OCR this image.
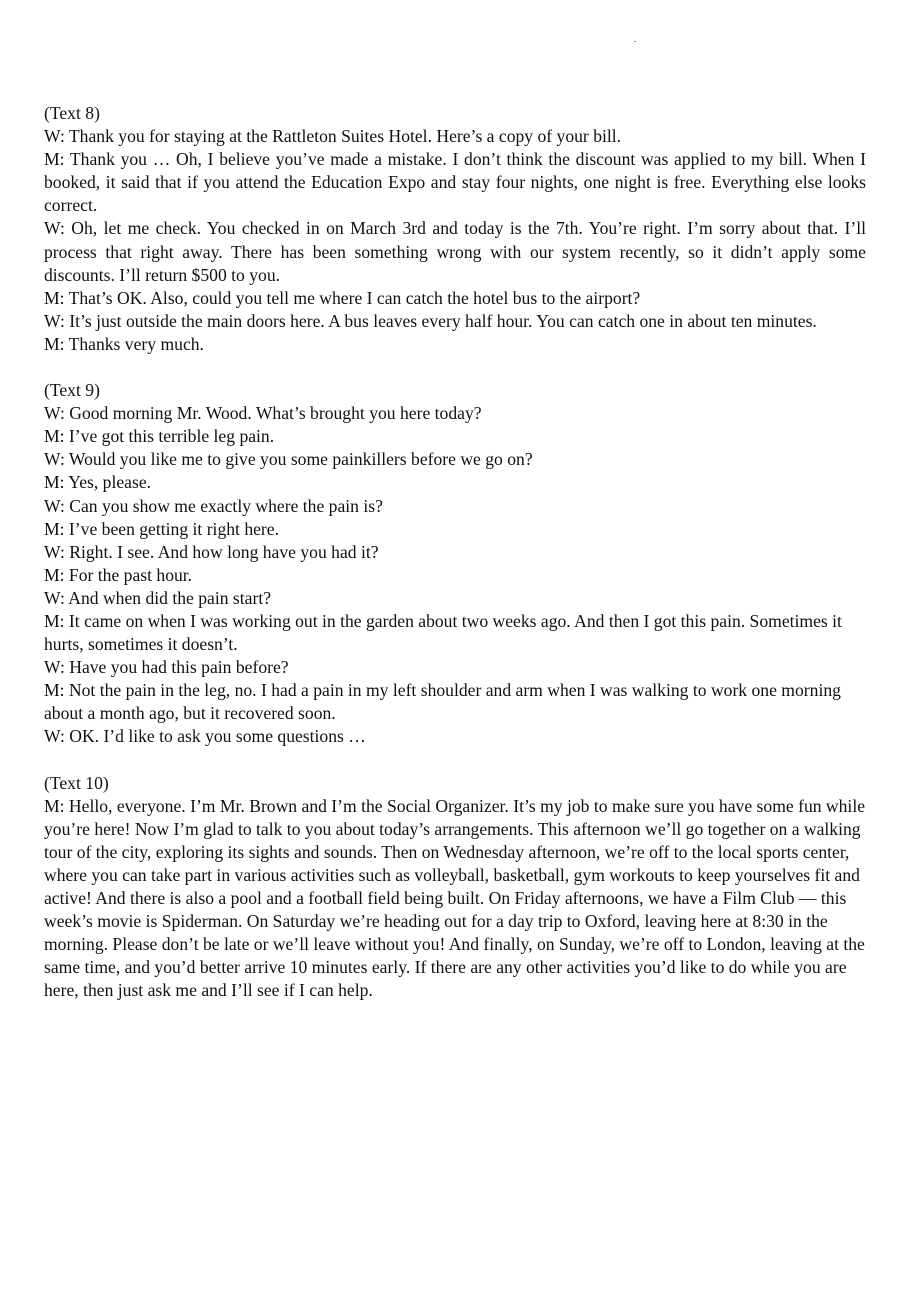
(Text 8)

W: Thank you for staying at the Rattleton Suites Hotel. Here’s a copy of your bill.

M: Thank you … Oh, I believe you’ve made a mistake. I don’t think the discount was applied to my bill. When I booked, it said that if you attend the Education Expo and stay four nights, one night is free. Everything else looks correct.

W: Oh, let me check. You checked in on March 3rd and today is the 7th. You’re right. I’m sorry about that. I’ll process that right away. There has been something wrong with our system recently, so it didn’t apply some discounts. I’ll return $500 to you.

M: That’s OK. Also, could you tell me where I can catch the hotel bus to the airport?

W: It’s just outside the main doors here. A bus leaves every half hour. You can catch one in about ten minutes.

M: Thanks very much.

(Text 9)

W: Good morning Mr. Wood. What’s brought you here today?

M: I’ve got this terrible leg pain.

W: Would you like me to give you some painkillers before we go on?

M: Yes, please.

W: Can you show me exactly where the pain is?

M: I’ve been getting it right here.

W: Right. I see. And how long have you had it?

M: For the past hour.

W: And when did the pain start?

M: It came on when I was working out in the garden about two weeks ago. And then I got this pain. Sometimes it hurts, sometimes it doesn’t.

W: Have you had this pain before?

M: Not the pain in the leg, no. I had a pain in my left shoulder and arm when I was walking to work one morning about a month ago, but it recovered soon.

W: OK. I’d like to ask you some questions …

(Text 10)

M: Hello, everyone. I’m Mr. Brown and I’m the Social Organizer. It’s my job to make sure you have some fun while you’re here! Now I’m glad to talk to you about today’s arrangements. This afternoon we’ll go together on a walking tour of the city, exploring its sights and sounds. Then on Wednesday afternoon, we’re off to the local sports center, where you can take part in various activities such as volleyball, basketball, gym workouts to keep yourselves fit and active! And there is also a pool and a football field being built. On Friday afternoons, we have a Film Club — this week’s movie is Spiderman. On Saturday we’re heading out for a day trip to Oxford, leaving here at 8:30 in the morning. Please don’t be late or we’ll leave without you! And finally, on Sunday, we’re off to London, leaving at the same time, and you’d better arrive 10 minutes early. If there are any other activities you’d like to do while you are here, then just ask me and I’ll see if I can help.
